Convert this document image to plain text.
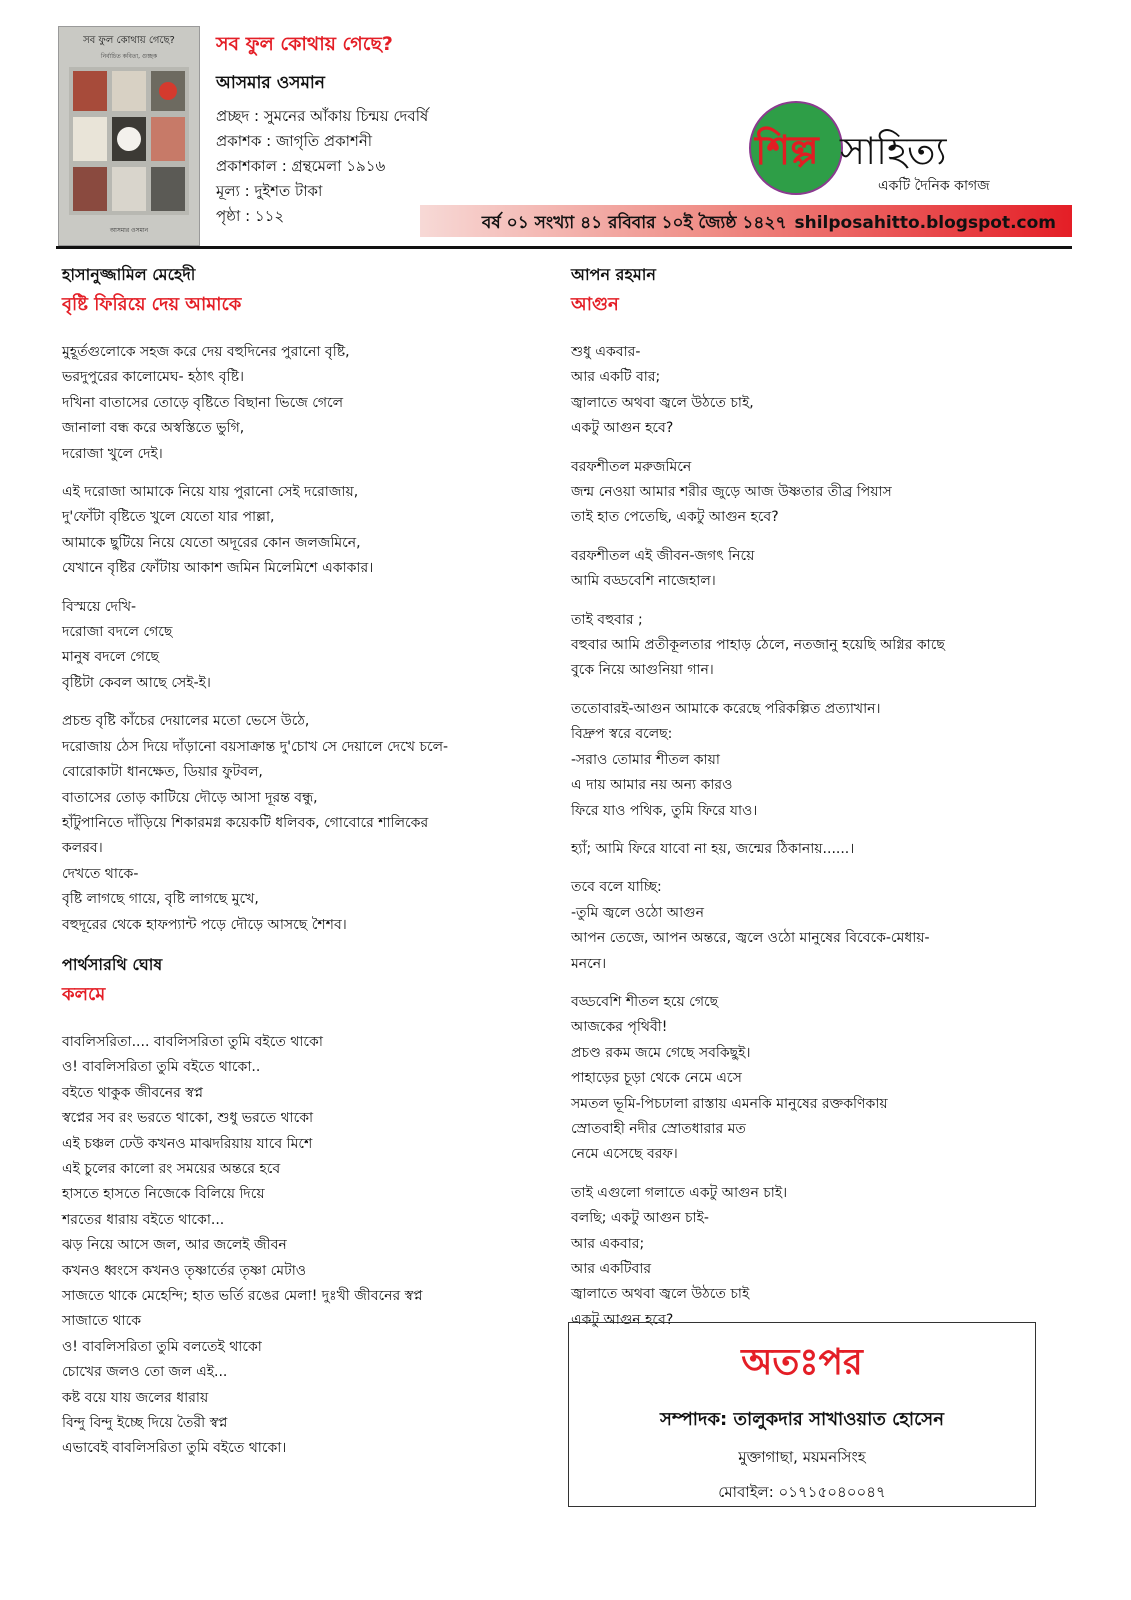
সব ফুল কোথায় গেছে?
নির্বাচিত কবিতা, গুচ্ছক
আসমার ওসমান
সব ফুল কোথায় গেছে?
আসমার ওসমান
প্রচ্ছদ : সুমনের আঁকায় চিন্ময় দেবর্ষি
প্রকাশক : জাগৃতি প্রকাশনী
প্রকাশকাল : গ্রন্থমেলা ১৯১৬
মূল্য : দুইশত টাকা
পৃষ্ঠা : ১১২
শিল্প সাহিত্য
একটি দৈনিক কাগজ
বর্ষ ০১ সংখ্যা ৪১ রবিবার ১০ই জ্যৈষ্ঠ ১৪২৭ shilposahitto.blogspot.com
হাসানুজ্জামিল মেহেদী
বৃষ্টি ফিরিয়ে দেয় আমাকে
মুহূর্তগুলোকে সহজ করে দেয় বহুদিনের পুরানো বৃষ্টি,
ভরদুপুরের কালোমেঘ- হঠাৎ বৃষ্টি।
দখিনা বাতাসের তোড়ে বৃষ্টিতে বিছানা ভিজে গেলে
জানালা বন্ধ করে অস্বস্তিতে ভুগি,
দরোজা খুলে দেই।
এই দরোজা আমাকে নিয়ে যায় পুরানো সেই দরোজায়,
দু'ফোঁটা বৃষ্টিতে খুলে যেতো যার পাল্লা,
আমাকে ছুটিয়ে নিয়ে যেতো অদূরের কোন জলজমিনে,
যেখানে বৃষ্টির ফোঁটায় আকাশ জমিন মিলেমিশে একাকার।
বিস্ময়ে দেখি-
দরোজা বদলে গেছে
মানুষ বদলে গেছে
বৃষ্টিটা কেবল আছে সেই-ই।
প্রচন্ড বৃষ্টি কাঁচের দেয়ালের মতো ভেসে উঠে,
দরোজায় ঠেস দিয়ে দাঁড়ানো বয়সাক্রান্ত দু'চোখ সে দেয়ালে দেখে চলে-
বোরোকাটা ধানক্ষেত, ডিয়ার ফুটবল,
বাতাসের তোড় কাটিয়ে দৌড়ে আসা দূরন্ত বন্ধু,
হাঁটুপানিতে দাঁড়িয়ে শিকারমগ্ন কয়েকটি ধলিবক, গোবোরে শালিকের
কলরব।
দেখতে থাকে-
বৃষ্টি লাগছে গায়ে, বৃষ্টি লাগছে মুখে,
বহুদূরের থেকে হাফপ্যান্ট পড়ে দৌড়ে আসছে শৈশব।
পার্থসারথি ঘোষ
কলমে
বাবলিসরিতা.... বাবলিসরিতা তুমি বইতে থাকো
ও! বাবলিসরিতা তুমি বইতে থাকো..
বইতে থাকুক জীবনের স্বপ্ন
স্বপ্নের সব রং ভরতে থাকো, শুধু ভরতে থাকো
এই চঞ্চল ঢেউ কখনও মাঝদরিয়ায় যাবে মিশে
এই চুলের কালো রং সময়ের অন্তরে হবে
হাসতে হাসতে নিজেকে বিলিয়ে দিয়ে
শরতের ধারায় বইতে থাকো...
ঝড় নিয়ে আসে জল, আর জলেই জীবন
কখনও ধ্বংসে কখনও তৃষ্ণার্তের তৃষ্ণা মেটাও
সাজতে থাকে মেহেন্দি; হাত ভর্তি রঙের মেলা! দুঃখী জীবনের স্বপ্ন
সাজাতে থাকে
ও! বাবলিসরিতা তুমি বলতেই থাকো
চোখের জলও তো জল এই...
কষ্ট বয়ে যায় জলের ধারায়
বিন্দু বিন্দু ইচ্ছে দিয়ে তৈরী স্বপ্ন
এভাবেই বাবলিসরিতা তুমি বইতে থাকো।
আপন রহমান
আগুন
শুধু একবার-
আর একটি বার;
জ্বালাতে অথবা জ্বলে উঠতে চাই,
একটু আগুন হবে?
বরফশীতল মরুজমিনে
জন্ম নেওয়া আমার শরীর জুড়ে আজ উষ্ণতার তীব্র পিয়াস
তাই হাত পেতেছি, একটু আগুন হবে?
বরফশীতল এই জীবন-জগৎ নিয়ে
আমি বড্ডবেশি নাজেহাল।
তাই বহুবার ;
বহুবার আমি প্রতীকূলতার পাহাড় ঠেলে, নতজানু হয়েছি অগ্নির কাছে
বুকে নিয়ে আগুনিয়া গান।
ততোবারই-আগুন আমাকে করেছে পরিকল্পিত প্রত্যাখান।
বিদ্রুপ স্বরে বলেছ:
-সরাও তোমার শীতল কায়া
এ দায় আমার নয় অন্য কারও
ফিরে যাও পথিক, তুমি ফিরে যাও।
হ্যাঁ; আমি ফিরে যাবো না হয়, জন্মের ঠিকানায়......।
তবে বলে যাচ্ছি:
-তুমি জ্বলে ওঠো আগুন
আপন তেজে, আপন অন্তরে, জ্বলে ওঠো মানুষের বিবেকে-মেধায়-
মননে।
বড্ডবেশি শীতল হয়ে গেছে
আজকের পৃথিবী!
প্রচণ্ড রকম জমে গেছে সবকিছুই।
পাহাড়ের চূড়া থেকে নেমে এসে
সমতল ভূমি-পিচঢালা রাস্তায় এমনকি মানুষের রক্তকণিকায়
স্রোতবাহী নদীর স্রোতধারার মত
নেমে এসেছে বরফ।
তাই এগুলো গলাতে একটু আগুন চাই।
বলছি; একটু আগুন চাই-
আর একবার;
আর একটিবার
জ্বালাতে অথবা জ্বলে উঠতে চাই
একটু আগুন হবে?
অতঃপর
সম্পাদক: তালুকদার সাখাওয়াত হোসেন
মুক্তাগাছা, ময়মনসিংহ
মোবাইল: ০১৭১৫০৪০০৪৭
